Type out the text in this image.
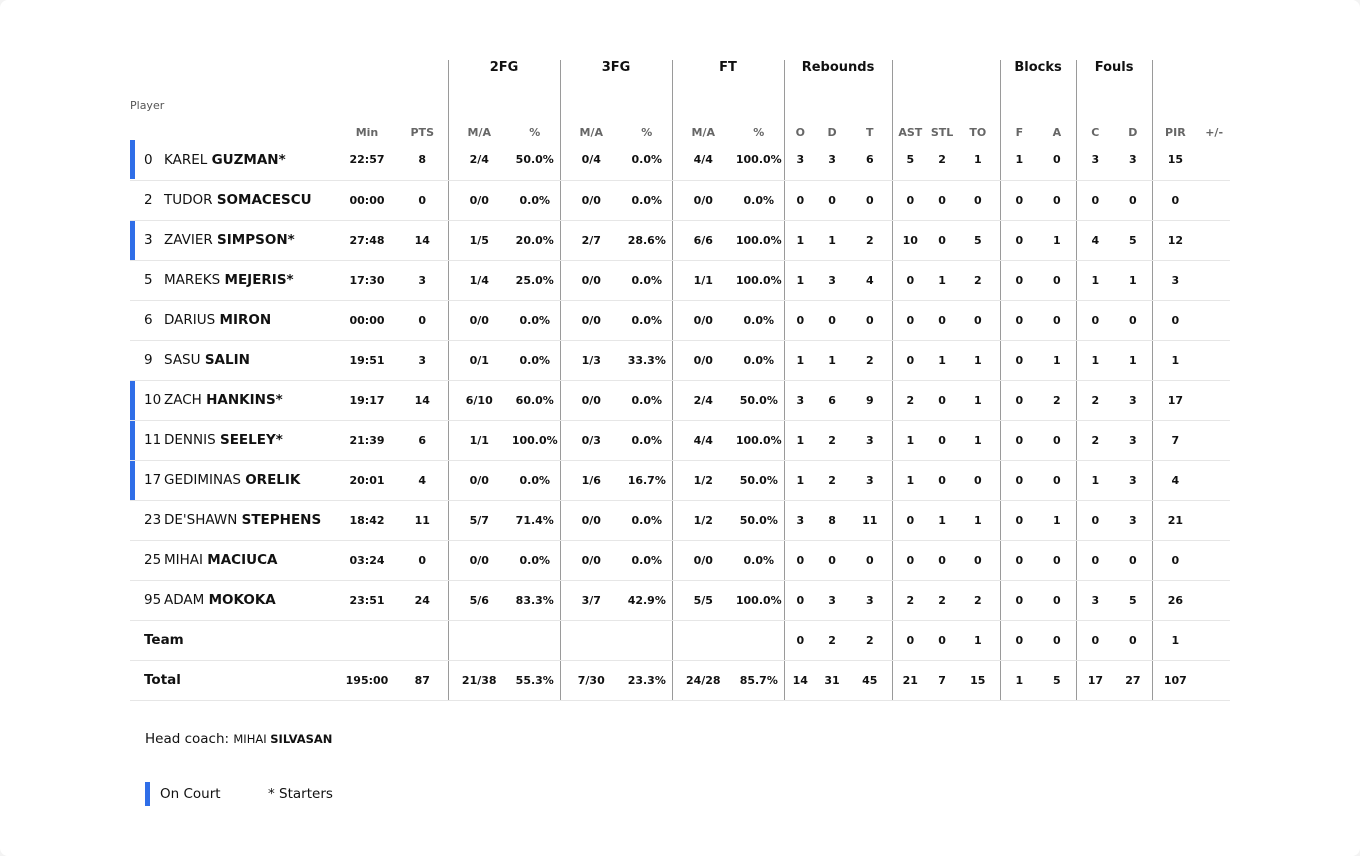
			2FG		3FG		FT		Rebounds						Blocks		Fouls			
Player	Min	PTS	M/A	%	M/A	%	M/A	%	O	D	T	AST	STL	TO	F	A	C	D	PIR	+/-

0 KAREL GUZMAN*	22:57	8	2/4	50.0%	0/4	0.0%	4/4	100.0%	3	3	6	5	2	1	1	0	3	3	15	
2 TUDOR SOMACESCU	00:00	0	0/0	0.0%	0/0	0.0%	0/0	0.0%	0	0	0	0	0	0	0	0	0	0	0	

3 ZAVIER SIMPSON*	27:48	14	1/5	20.0%	2/7	28.6%	6/6	100.0%	1	1	2	10	0	5	0	1	4	5	12	
5 MAREKS MEJERIS*	17:30	3	1/4	25.0%	0/0	0.0%	1/1	100.0%	1	3	4	0	1	2	0	0	1	1	3	
6 DARIUS MIRON	00:00	0	0/0	0.0%	0/0	0.0%	0/0	0.0%	0	0	0	0	0	0	0	0	0	0	0	
9 SASU SALIN	19:51	3	0/1	0.0%	1/3	33.3%	0/0	0.0%	1	1	2	0	1	1	0	1	1	1	1	

10 ZACH HANKINS*	19:17	14	6/10	60.0%	0/0	0.0%	2/4	50.0%	3	6	9	2	0	1	0	2	2	3	17	

11 DENNIS SEELEY*	21:39	6	1/1	100.0%	0/3	0.0%	4/4	100.0%	1	2	3	1	0	1	0	0	2	3	7	

17 GEDIMINAS ORELIK	20:01	4	0/0	0.0%	1/6	16.7%	1/2	50.0%	1	2	3	1	0	0	0	0	1	3	4	
23 DE'SHAWN STEPHENS	18:42	11	5/7	71.4%	0/0	0.0%	1/2	50.0%	3	8	11	0	1	1	0	1	0	3	21	
25 MIHAI MACIUCA	03:24	0	0/0	0.0%	0/0	0.0%	0/0	0.0%	0	0	0	0	0	0	0	0	0	0	0	
95 ADAM MOKOKA	23:51	24	5/6	83.3%	3/7	42.9%	5/5	100.0%	0	3	3	2	2	2	0	0	3	5	26	
Team									0	2	2	0	0	1	0	0	0	0	1	
Total	195:00	87	21/38	55.3%	7/30	23.3%	24/28	85.7%	14	31	45	21	7	15	1	5	17	27	107	
Head coach: MIHAI SILVASAN
On Court	* Starters
